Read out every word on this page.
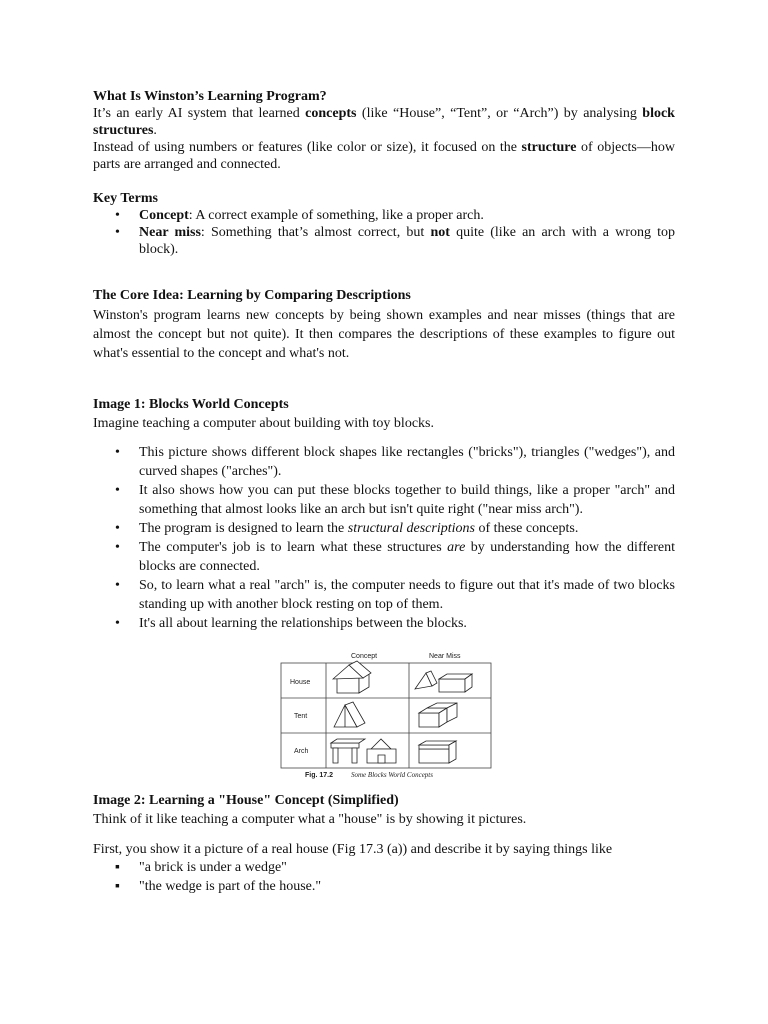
What Is Winston’s Learning Program?

It’s an early AI system that learned concepts (like “House”, “Tent”, or “Arch”) by analysing block structures.

Instead of using numbers or features (like color or size), it focused on the structure of objects—how parts are arranged and connected.

Key Terms
• Concept: A correct example of something, like a proper arch.
• Near miss: Something that’s almost correct, but not quite (like an arch with a wrong top block).
The Core Idea: Learning by Comparing Descriptions

Winston's program learns new concepts by being shown examples and near misses (things that are almost the concept but not quite). It then compares the descriptions of these examples to figure out what's essential to the concept and what's not.

Image 1: Blocks World Concepts

Imagine teaching a computer about building with toy blocks.

• This picture shows different block shapes like rectangles ("bricks"), triangles ("wedges"), and curved shapes ("arches").
• It also shows how you can put these blocks together to build things, like a proper "arch" and something that almost looks like an arch but isn't quite right ("near miss arch").
• The program is designed to learn the structural descriptions of these concepts.
• The computer's job is to learn what these structures are by understanding how the different blocks are connected.
• So, to learn what a real "arch" is, the computer needs to figure out that it's made of two blocks standing up with another block resting on top of them.
• It's all about learning the relationships between the blocks.
Concept	Near Miss
House
Tent
Arch
Fig. 17.2	Some Blocks World Concepts
Image 2: Learning a "House" Concept (Simplified)

Think of it like teaching a computer what a "house" is by showing it pictures.

First, you show it a picture of a real house (Fig 17.3 (a)) and describe it by saying things like

▪ "a brick is under a wedge"
▪ "the wedge is part of the house."
